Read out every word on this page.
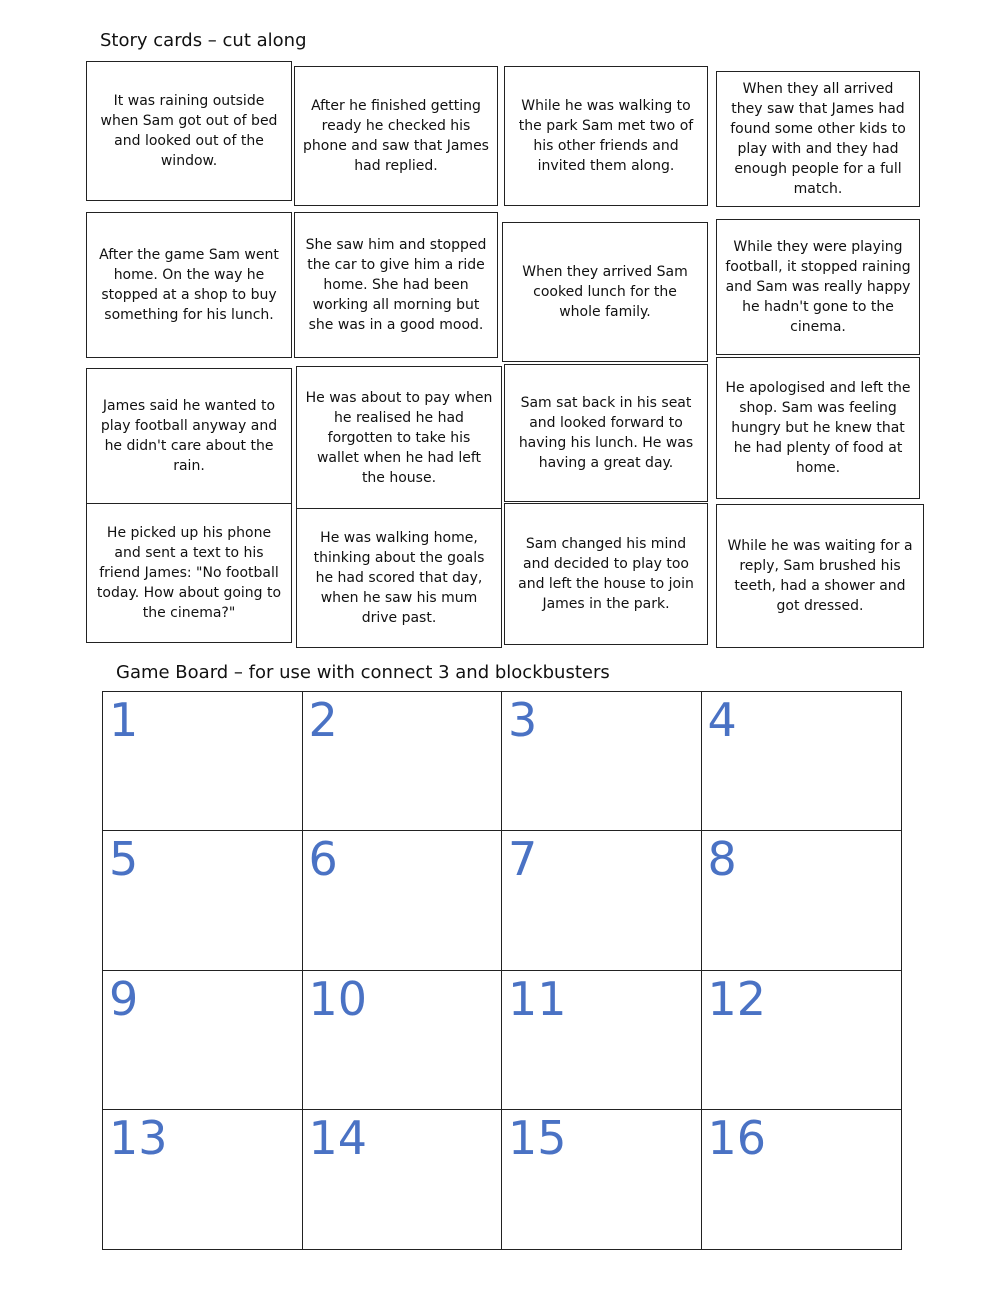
Story cards – cut along
It was raining outside when Sam got out of bed and looked out of the window.
After he finished getting ready he checked his phone and saw that James had replied.
While he was walking to the park Sam met two of his other friends and invited them along.
When they all arrived they saw that James had found some other kids to play with and they had enough people for a full match.
After the game Sam went home. On the way he stopped at a shop to buy something for his lunch.
She saw him and stopped the car to give him a ride home. She had been working all morning but she was in a good mood.
When they arrived Sam cooked lunch for the whole family.
While they were playing football, it stopped raining and Sam was really happy he hadn't gone to the cinema.
James said he wanted to play football anyway and he didn't care about the rain.
He was about to pay when he realised he had forgotten to take his wallet when he had left the house.
Sam sat back in his seat and looked forward to having his lunch. He was having a great day.
He apologised and left the shop. Sam was feeling hungry but he knew that he had plenty of food at home.
He picked up his phone and sent a text to his friend James: "No football today. How about going to the cinema?"
He was walking home, thinking about the goals he had scored that day, when he saw his mum drive past.
Sam changed his mind and decided to play too and left the house to join James in the park.
While he was waiting for a reply, Sam brushed his teeth, had a shower and got dressed.
Game Board – for use with connect 3 and blockbusters
1	2	3	4
5	6	7	8
9	10	11	12
13	14	15	16
